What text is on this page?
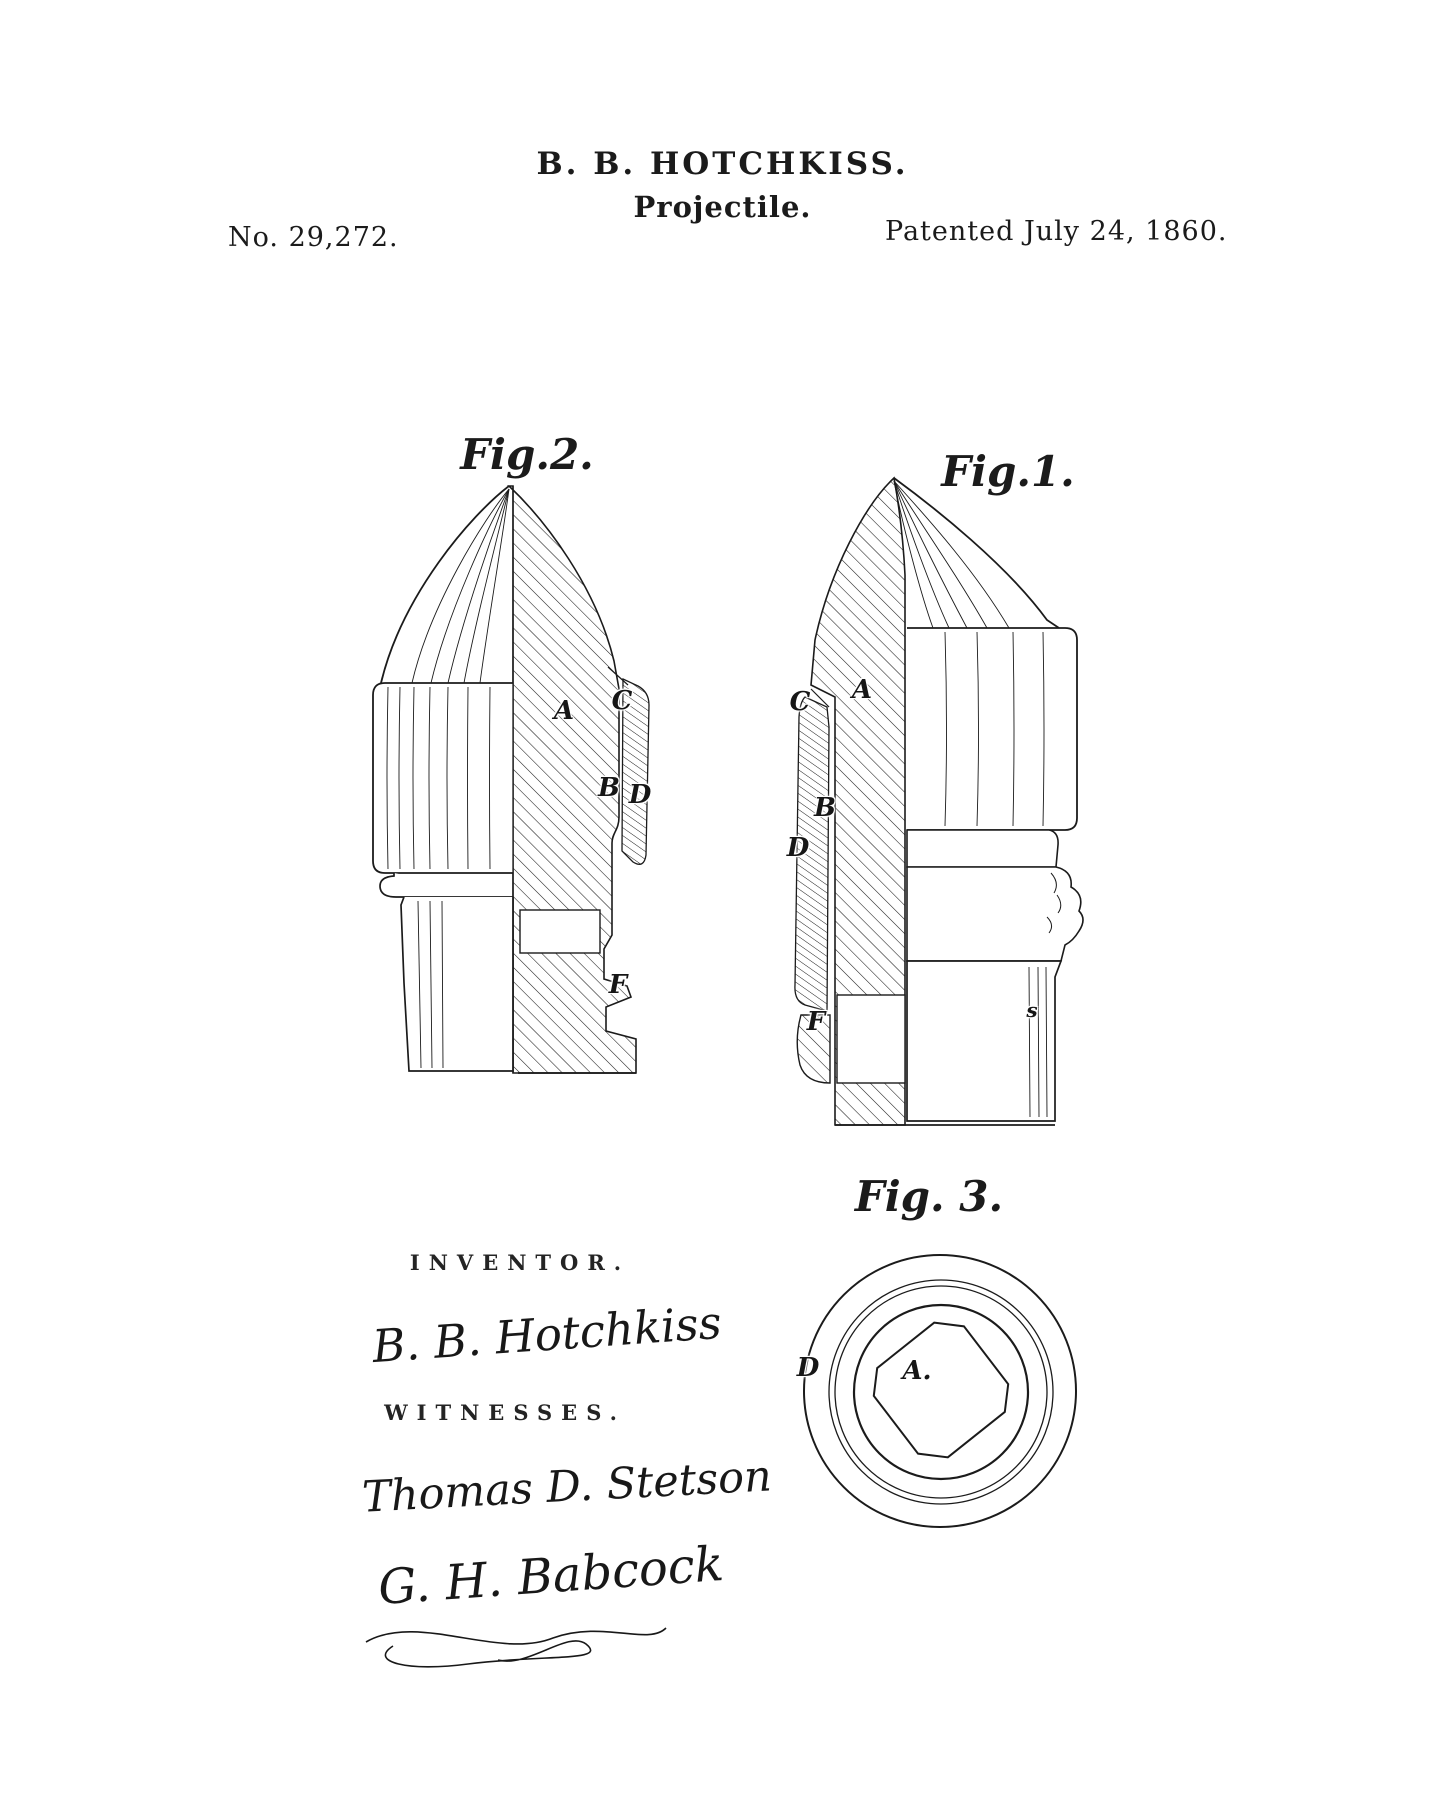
B. B. HOTCHKISS.
Projectile.
No. 29,272.	Patented July 24, 1860.
Fig.2.	Fig.1.
Fig. 3.
A C
B D
F
C A
B
D
F	s
D	A.
INVENTOR.
B. B. Hotchkiss
WITNESSES.
Thomas D. Stetson
G. H. Babcock
